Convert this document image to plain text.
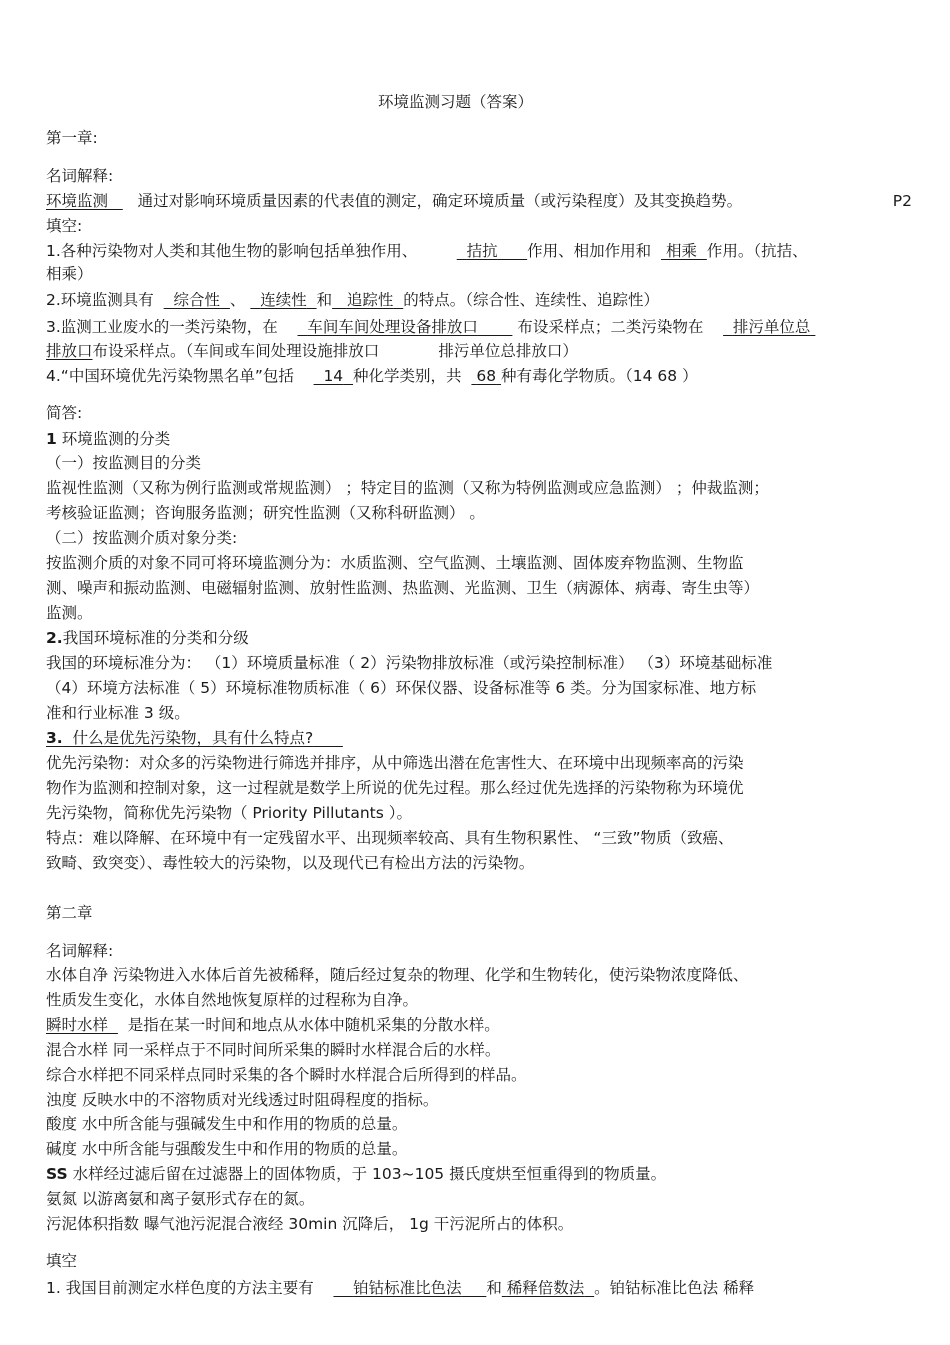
环境监测习题（答案）
第一章:
名词解释:
环境监测 通过对影响环境质量因素的代表值的测定，确定环境质量（或污染程度）及其变换趋势。	P2
填空:
1.各种污染物对人类和其他生物的影响包括单独作用、	拮抗 作用、相加作用和 相乘 作用。（抗拮、
相乘）
2.环境监测具有 综合性 、 连续性 和 追踪性 的特点。（综合性、连续性、追踪性）
3.监测工业废水的一类污染物，在 车间车间处理设备排放口	布设采样点；二类污染物在 排污单位总
排放口布设采样点。（车间或车间处理设施排放口	排污单位总排放口）
4.“中国环境优先污染物黑名单”包括 14 种化学类别，共 68 种有毒化学物质。（14 68 ）
简答:
1 环境监测的分类
（一）按监测目的分类
监视性监测（又称为例行监测或常规监测） ；特定目的监测（又称为特例监测或应急监测） ；仲裁监测；
考核验证监测；咨询服务监测；研究性监测（又称科研监测） 。
（二）按监测介质对象分类:
按监测介质的对象不同可将环境监测分为：水质监测、空气监测、土壤监测、固体废弃物监测、生物监
测、噪声和振动监测、电磁辐射监测、放射性监测、热监测、光监测、卫生（病源体、病毒、寄生虫等）
监测。
2.我国环境标准的分类和分级
我国的环境标准分为： （1）环境质量标准（ 2）污染物排放标准（或污染控制标准） （3）环境基础标准
（4）环境方法标准（ 5）环境标准物质标准（ 6）环保仪器、设备标准等 6 类。分为国家标准、地方标
准和行业标准 3 级。
3. 什么是优先污染物，具有什么特点?
优先污染物：对众多的污染物进行筛选并排序，从中筛选出潜在危害性大、在环境中出现频率高的污染
物作为监测和控制对象，这一过程就是数学上所说的优先过程。那么经过优先选择的污染物称为环境优
先污染物，简称优先污染物（ Priority Pillutants ）。
特点：难以降解、在环境中有一定残留水平、出现频率较高、具有生物积累性、 “三致”物质（致癌、
致畸、致突变）、毒性较大的污染物，以及现代已有检出方法的污染物。
第二章
名词解释:
水体自净 污染物进入水体后首先被稀释，随后经过复杂的物理、化学和生物转化，使污染物浓度降低、
性质发生变化，水体自然地恢复原样的过程称为自净。
瞬时水样 是指在某一时间和地点从水体中随机采集的分散水样。
混合水样 同一采样点于不同时间所采集的瞬时水样混合后的水样。
综合水样把不同采样点同时采集的各个瞬时水样混合后所得到的样品。
浊度 反映水中的不溶物质对光线透过时阻碍程度的指标。
酸度 水中所含能与强碱发生中和作用的物质的总量。
碱度 水中所含能与强酸发生中和作用的物质的总量。
SS 水样经过滤后留在过滤器上的固体物质，于 103~105 摄氏度烘至恒重得到的物质量。
氨氮 以游离氨和离子氨形式存在的氮。
污泥体积指数 曝气池污泥混合液经 30min 沉降后， 1g 干污泥所占的体积。
填空
1. 我国目前测定水样色度的方法主要有	铂钴标准比色法 和 稀释倍数法 。铂钴标准比色法 稀释
